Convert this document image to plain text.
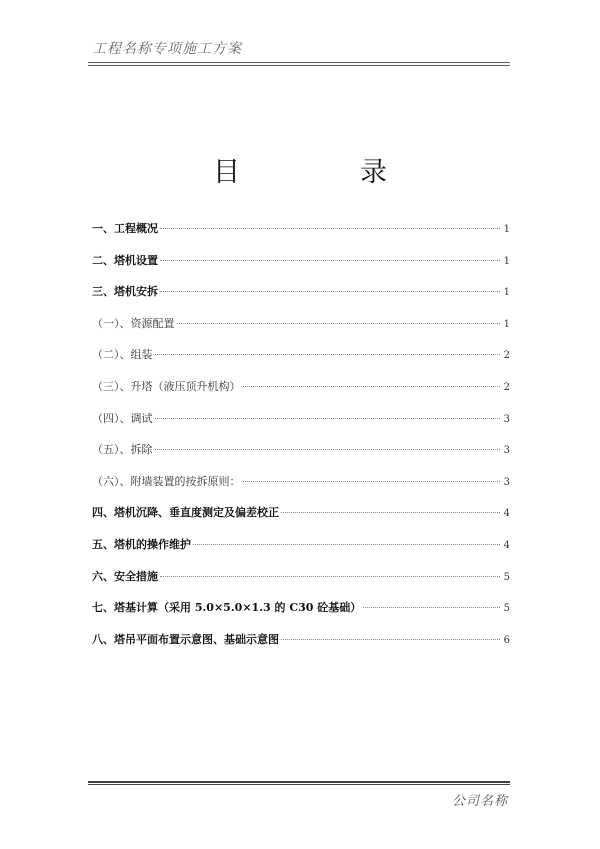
工程名称专项施工方案
目	录
一、工程概况	1
二、塔机设置	1
三、塔机安拆	1
（一）、资源配置	1
（二）、组装	2
（三）、升塔（液压顶升机构）	2
（四）、调试	3
（五）、拆除	3
（六）、附墙装置的按拆原则：	3
四、塔机沉降、垂直度测定及偏差校正	4
五、塔机的操作维护	4
六、安全措施	5
七、塔基计算（采用 5.0×5.0×1.3 的 C30 砼基础）	5
八、塔吊平面布置示意图、基础示意图	6
公司名称
